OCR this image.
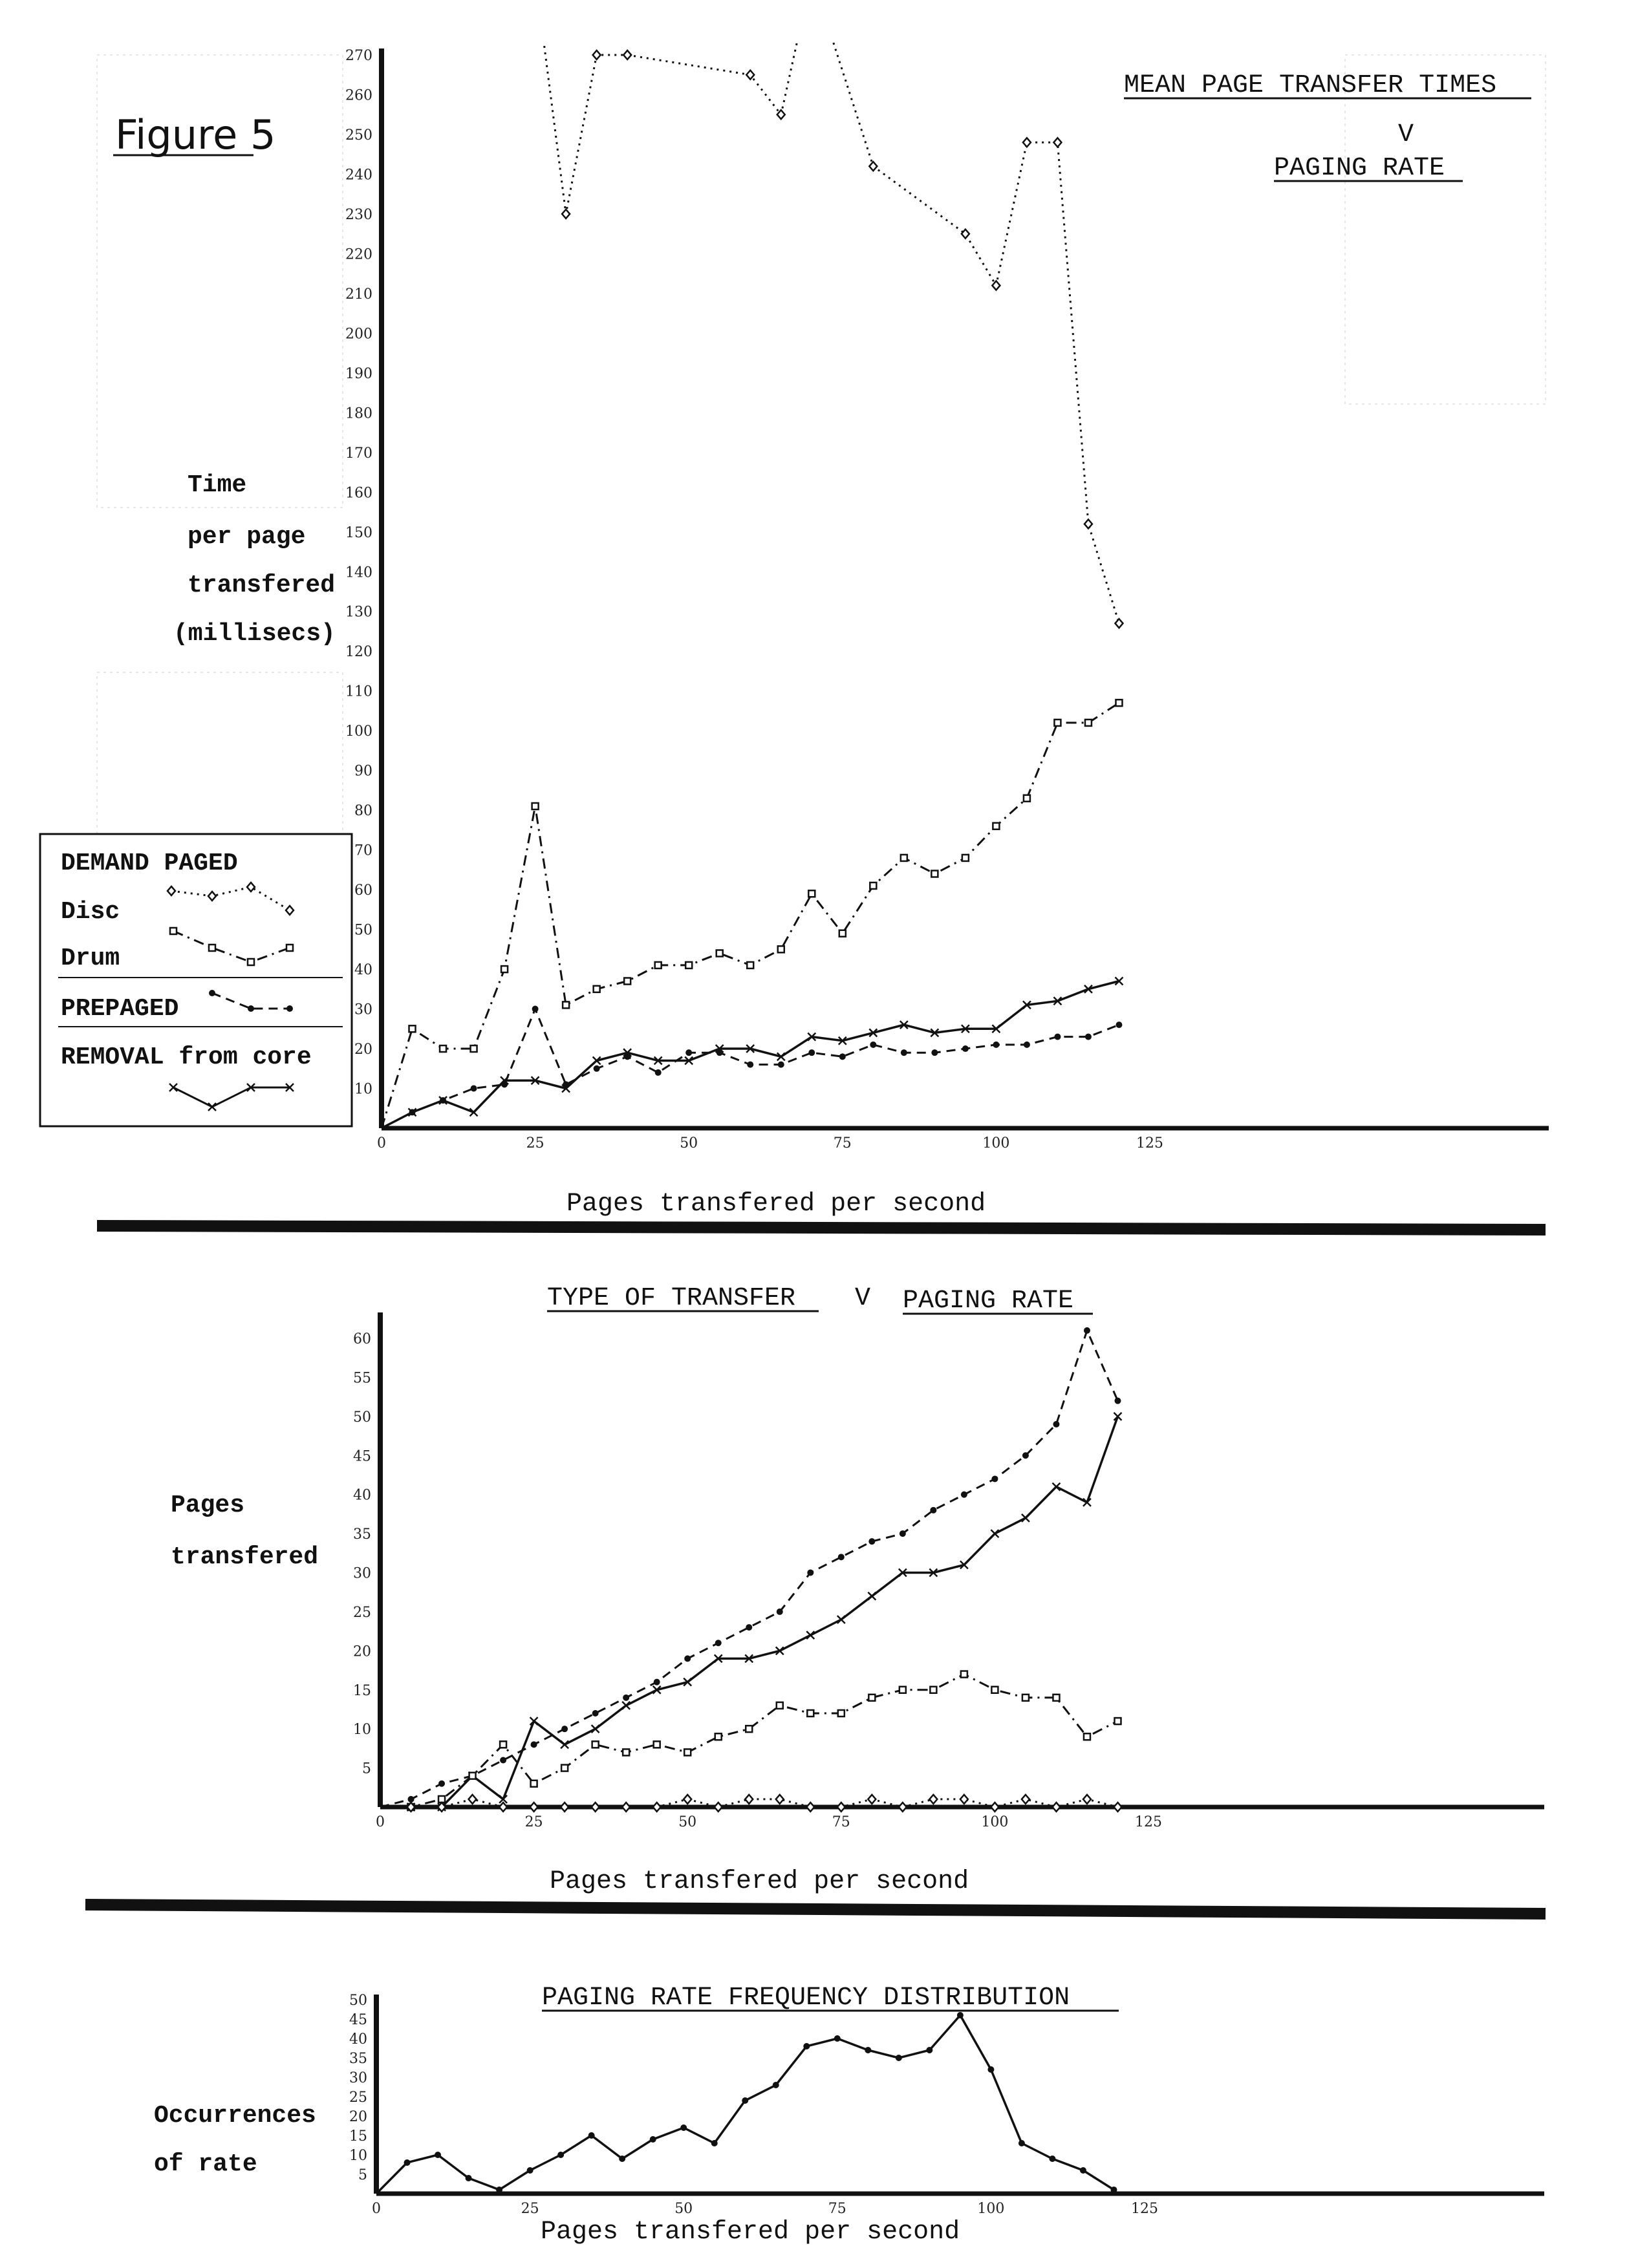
Figure 5
10
20
30
40
50
60
70
80
90
100
110
120
130
140
150
160
170
180
190
200
210
220
230
240
250
260
270
0	25	50	75	100	125
MEAN PAGE TRANSFER TIMES
V
PAGING RATE
Time
per page
transfered
(millisecs)
Pages transfered per second
DEMAND PAGED
Disc
Drum
PREPAGED
REMOVAL from core
5
10
15
20
25
30
35
40
45
50
55
60
0	25	50	75	100	125
TYPE OF TRANSFER V PAGING RATE
Pages
transfered
Pages transfered per second
5
10
15
20
25
30
35
40
45
50
0	25	50	75	100	125
PAGING RATE FREQUENCY DISTRIBUTION
Occurrences
of rate
Pages transfered per second
